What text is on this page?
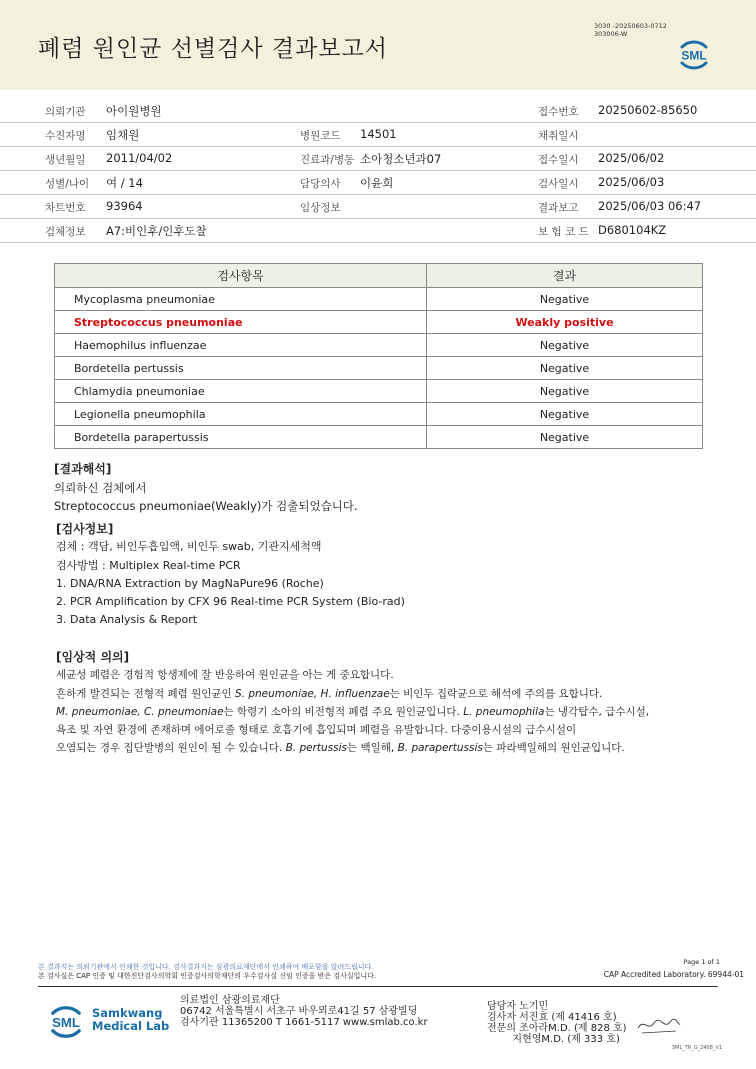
폐렴 원인균 선별검사 결과보고서
3030 -20250603-0712
303006-W
SML
의뢰기관 아이원병원	접수번호 20250602-85650
수진자명 임채원	병원코드 14501	채취일시
생년월일 2011/04/02	진료과/병동 소아청소년과07	접수일시 2025/06/02
성별/나이 여 / 14	담당의사 이윤희	검사일시 2025/06/03
차트번호 93964	임상정보	결과보고 2025/06/03 06:47
검체정보 A7:비인후/인후도찰	보 험 코 드 D680104KZ
검사항목	결과
Mycoplasma pneumoniae	Negative
Streptococcus pneumoniae	Weakly positive
Haemophilus influenzae	Negative
Bordetella pertussis	Negative
Chlamydia pneumoniae	Negative
Legionella pneumophila	Negative
Bordetella parapertussis	Negative
[결과해석]
의뢰하신 검체에서
Streptococcus pneumoniae(Weakly)가 검출되었습니다.
[검사정보]
검체 : 객담, 비인두흡입액, 비인두 swab, 기관지세척액
검사방법 : Multiplex Real-time PCR
1. DNA/RNA Extraction by MagNaPure96 (Roche)
2. PCR Amplification by CFX 96 Real-time PCR System (Bio-rad)
3. Data Analysis & Report
[임상적 의의]
세균성 폐렴은 경험적 항생제에 잘 반응하여 원인균을 아는 게 중요합니다.
흔하게 발견되는 전형적 폐렴 원인균인 S. pneumoniae, H. influenzae는 비인두 집락균으로 해석에 주의를 요합니다.
M. pneumoniae, C. pneumoniae는 학령기 소아의 비전형적 폐렴 주요 원인균입니다. L. pneumophila는 냉각탑수, 급수시설,
욕조 및 자연 환경에 존재하며 에어로졸 형태로 호흡기에 흡입되며 폐렴을 유발합니다. 다중이용시설의 급수시설이
오염되는 경우 집단발병의 원인이 될 수 있습니다. B. pertussis는 백일해, B. parapertussis는 파라백일해의 원인균입니다.
본 결과지는 의뢰기관에서 인쇄한 것입니다. 검사결과지는 삼광의료재단에서 인쇄하여 배포함을 알려드립니다.
본 검사실은 CAP 인증 및 대한진단검사의학회 인증검사의학재단의 우수검사실 신임 인증을 받은 검사실입니다.
Page 1 of 1
CAP Accredited Laboratory. 69944-01
SML
Samkwang
Medical Lab
의료법인 삼광의료재단
06742 서울특별시 서초구 바우뫼로41길 57 삼광빌딩
검사기관 11365200 T 1661-5117 www.smlab.co.kr
담당자 노기민
검사자 서진효 (제 41416 호)
전문의 조아라M.D. (제 828 호)
지현영M.D. (제 333 호)
SML_TR_G_2408_V1
